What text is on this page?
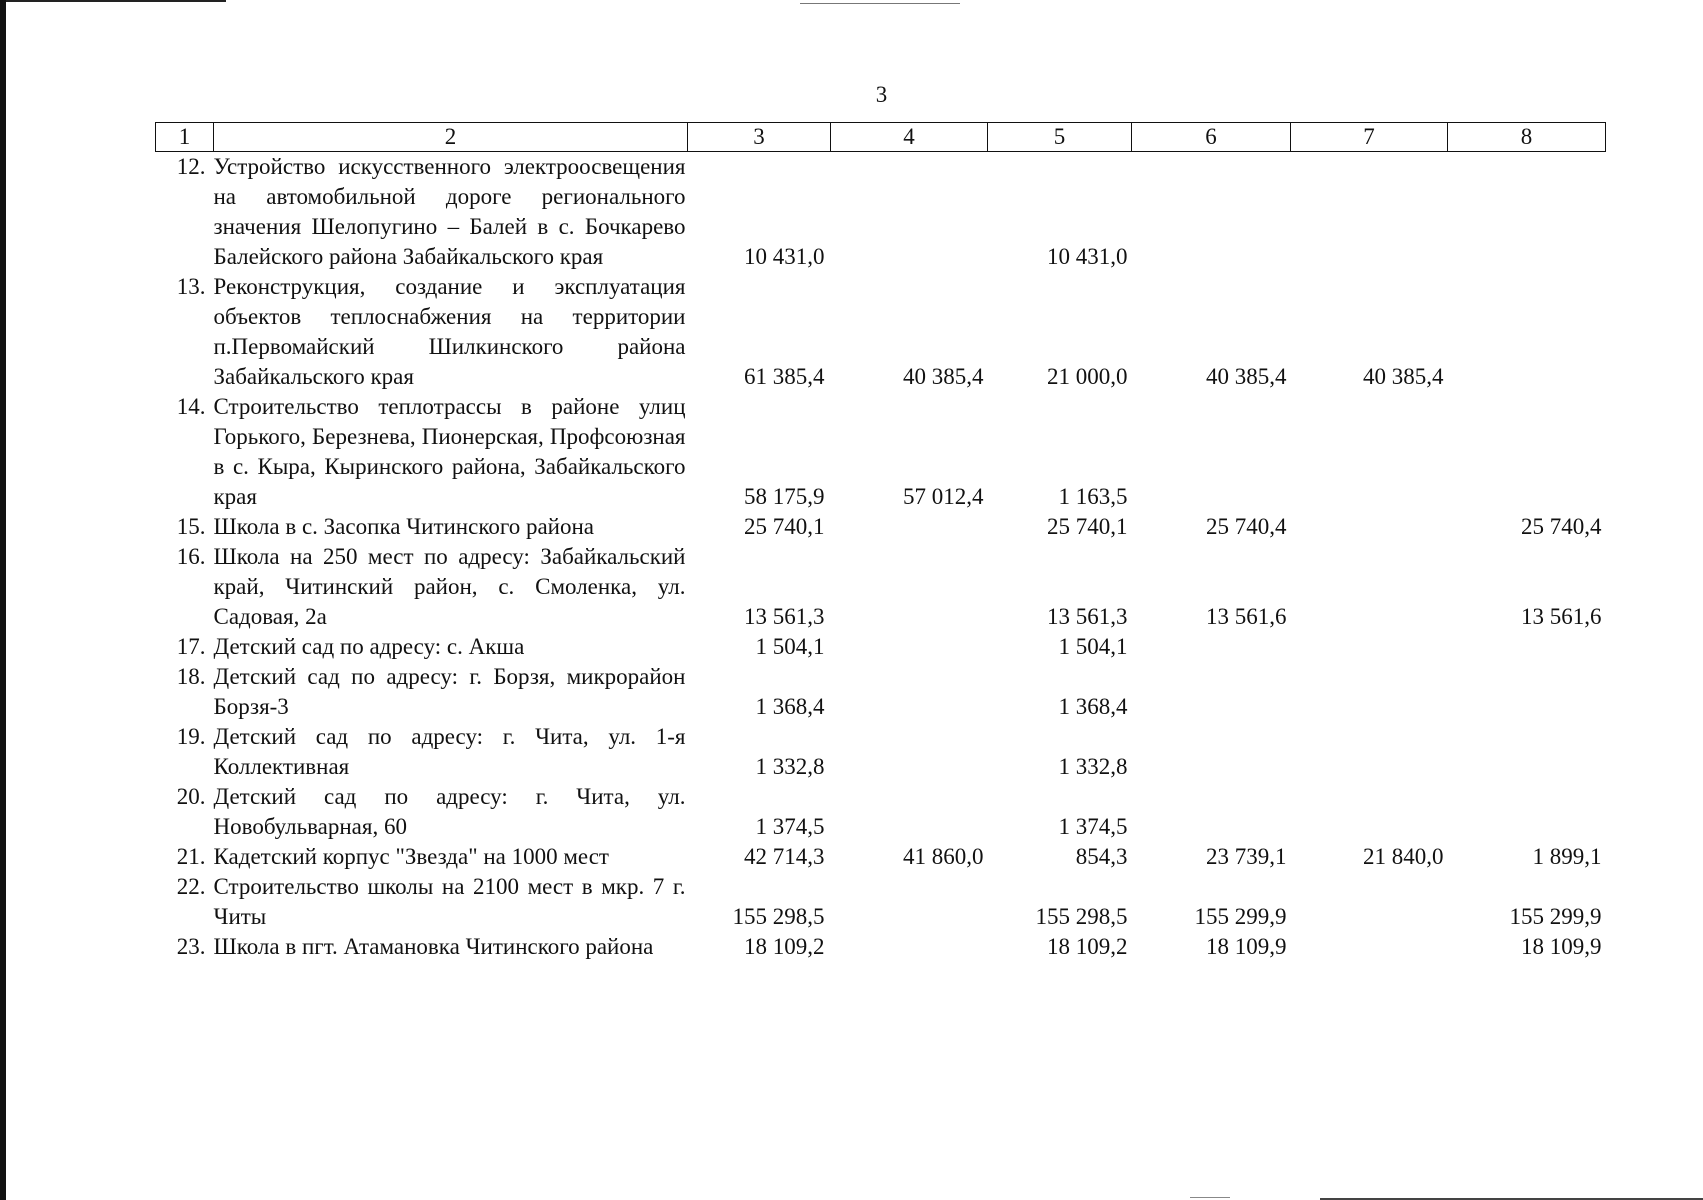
3
1	2	3	4	5	6	7	8
12.	Устройство искусственного электроосвещения на автомобильной дороге регионального значения Шелопугино – Балей в с. Бочкарево Балейского района Забайкальского края	10 431,0		10 431,0			
13.	Реконструкция, создание и эксплуатация объектов теплоснабжения на территории п.Первомайский Шилкинского района Забайкальского края	61 385,4	40 385,4	21 000,0	40 385,4	40 385,4	
14.	Строительство теплотрассы в районе улиц Горького, Березнева, Пионерская, Профсоюзная в с. Кыра, Кыринского района, Забайкальского края	58 175,9	57 012,4	1 163,5			
15.	Школа в с. Засопка Читинского района	25 740,1		25 740,1	25 740,4		25 740,4
16.	Школа на 250 мест по адресу: Забайкальский край, Читинский район, с. Смоленка, ул. Садовая, 2а	13 561,3		13 561,3	13 561,6		13 561,6
17.	Детский сад по адресу: с. Акша	1 504,1		1 504,1			
18.	Детский сад по адресу: г. Борзя, микрорайон Борзя-3	1 368,4		1 368,4			
19.	Детский сад по адресу: г. Чита, ул. 1-я Коллективная	1 332,8		1 332,8			
20.	Детский сад по адресу: г. Чита, ул. Новобульварная, 60	1 374,5		1 374,5			
21.	Кадетский корпус "Звезда" на 1000 мест	42 714,3	41 860,0	854,3	23 739,1	21 840,0	1 899,1
22.	Строительство школы на 2100 мест в мкр. 7 г. Читы	155 298,5		155 298,5	155 299,9		155 299,9
23.	Школа в пгт. Атамановка Читинского района	18 109,2		18 109,2	18 109,9		18 109,9
